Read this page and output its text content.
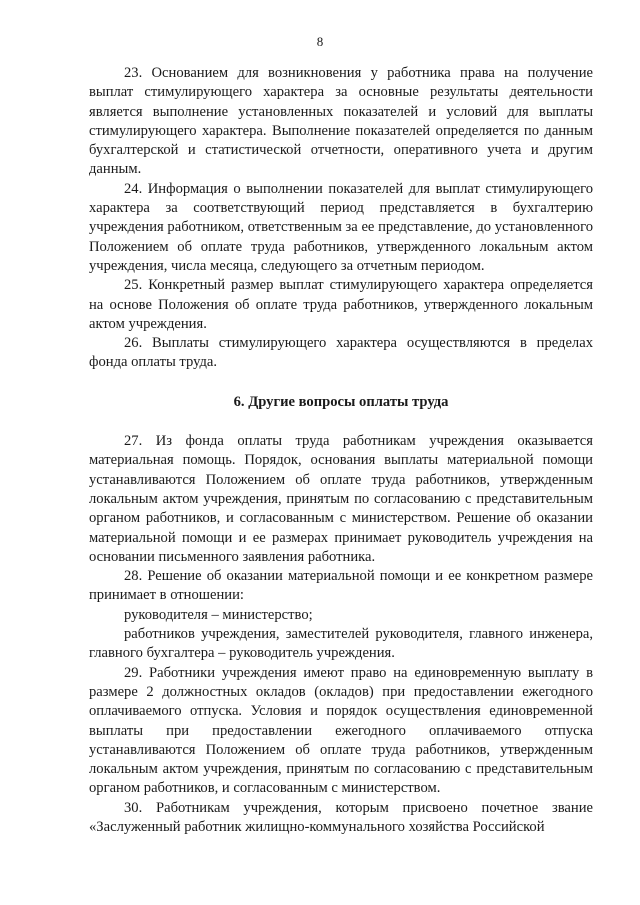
8

23. Основанием для возникновения у работника права на получение выплат стимулирующего характера за основные результаты деятельности является выполнение установленных показателей и условий для выплаты стимулирующего характера. Выполнение показателей определяется по данным бухгалтерской и статистической отчетности, оперативного учета и другим данным.

24. Информация о выполнении показателей для выплат стимулирующего характера за соответствующий период представляется в бухгалтерию учреждения работником, ответственным за ее представление, до установленного Положением об оплате труда работников, утвержденного локальным актом учреждения, числа месяца, следующего за отчетным периодом.

25. Конкретный размер выплат стимулирующего характера определяется на основе Положения об оплате труда работников, утвержденного локальным актом учреждения.

26. Выплаты стимулирующего характера осуществляются в пределах фонда оплаты труда.

6. Другие вопросы оплаты труда

27. Из фонда оплаты труда работникам учреждения оказывается материальная помощь. Порядок, основания выплаты материальной помощи устанавливаются Положением об оплате труда работников, утвержденным локальным актом учреждения, принятым по согласованию с представительным органом работников, и согласованным с министерством. Решение об оказании материальной помощи и ее размерах принимает руководитель учреждения на основании письменного заявления работника.

28. Решение об оказании материальной помощи и ее конкретном размере принимает в отношении:

руководителя – министерство;

работников учреждения, заместителей руководителя, главного инженера, главного бухгалтера – руководитель учреждения.

29. Работники учреждения имеют право на единовременную выплату в размере 2 должностных окладов (окладов) при предоставлении ежегодного оплачиваемого отпуска. Условия и порядок осуществления единовременной выплаты при предоставлении ежегодного оплачиваемого отпуска устанавливаются Положением об оплате труда работников, утвержденным локальным актом учреждения, принятым по согласованию с представительным органом работников, и согласованным с министерством.

30. Работникам учреждения, которым присвоено почетное звание «Заслуженный работник жилищно-коммунального хозяйства Российской
